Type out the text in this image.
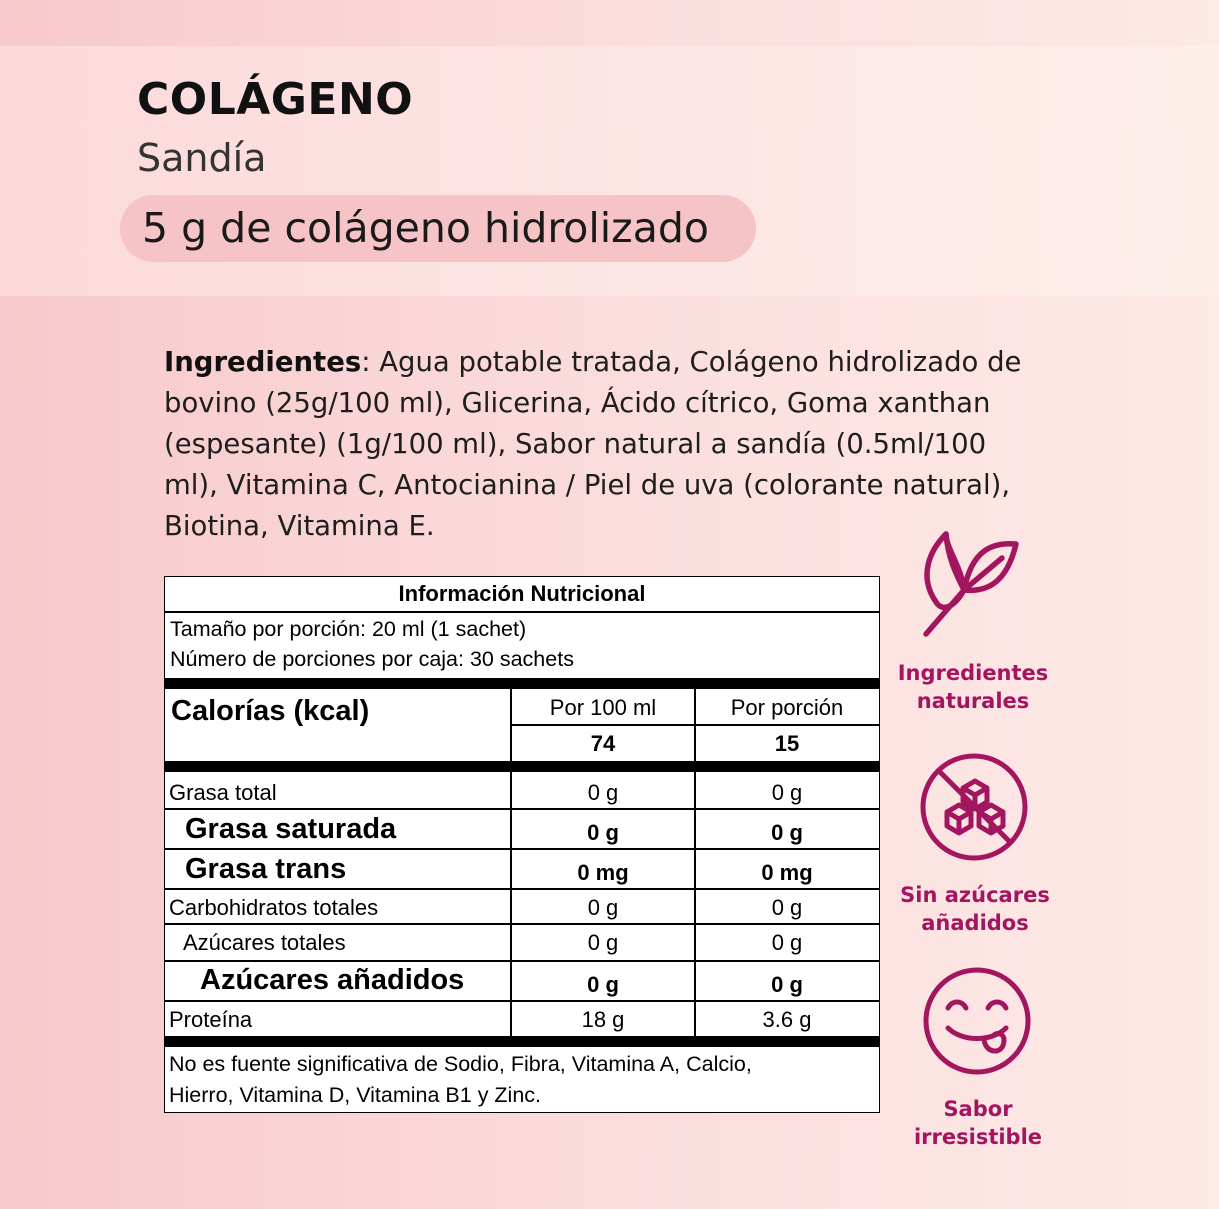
COLÁGENO
Sandía
5 g de colágeno hidrolizado
Ingredientes: Agua potable tratada, Colágeno hidrolizado de bovino (25g/100 ml), Glicerina, Ácido cítrico, Goma xanthan (espesante) (1g/100 ml), Sabor natural a sandía (0.5ml/100 ml), Vitamina C, Antocianina / Piel de uva (colorante natural), Biotina, Vitamina E.
Información Nutricional
Tamaño por porción: 20 ml (1 sachet)
Número de porciones por caja: 30 sachets
Calorías (kcal)	Por 100 ml	Por porción
74	15
Grasa total	0 g	0 g
Grasa saturada	0 g	0 g
Grasa trans	0 mg	0 mg
Carbohidratos totales	0 g	0 g
Azúcares totales	0 g	0 g
Azúcares añadidos	0 g	0 g
Proteína	18 g	3.6 g
No es fuente significativa de Sodio, Fibra, Vitamina A, Calcio,
Hierro, Vitamina D, Vitamina B1 y Zinc.
Ingredientes
naturales
Sin azúcares
añadidos
Sabor
irresistible
